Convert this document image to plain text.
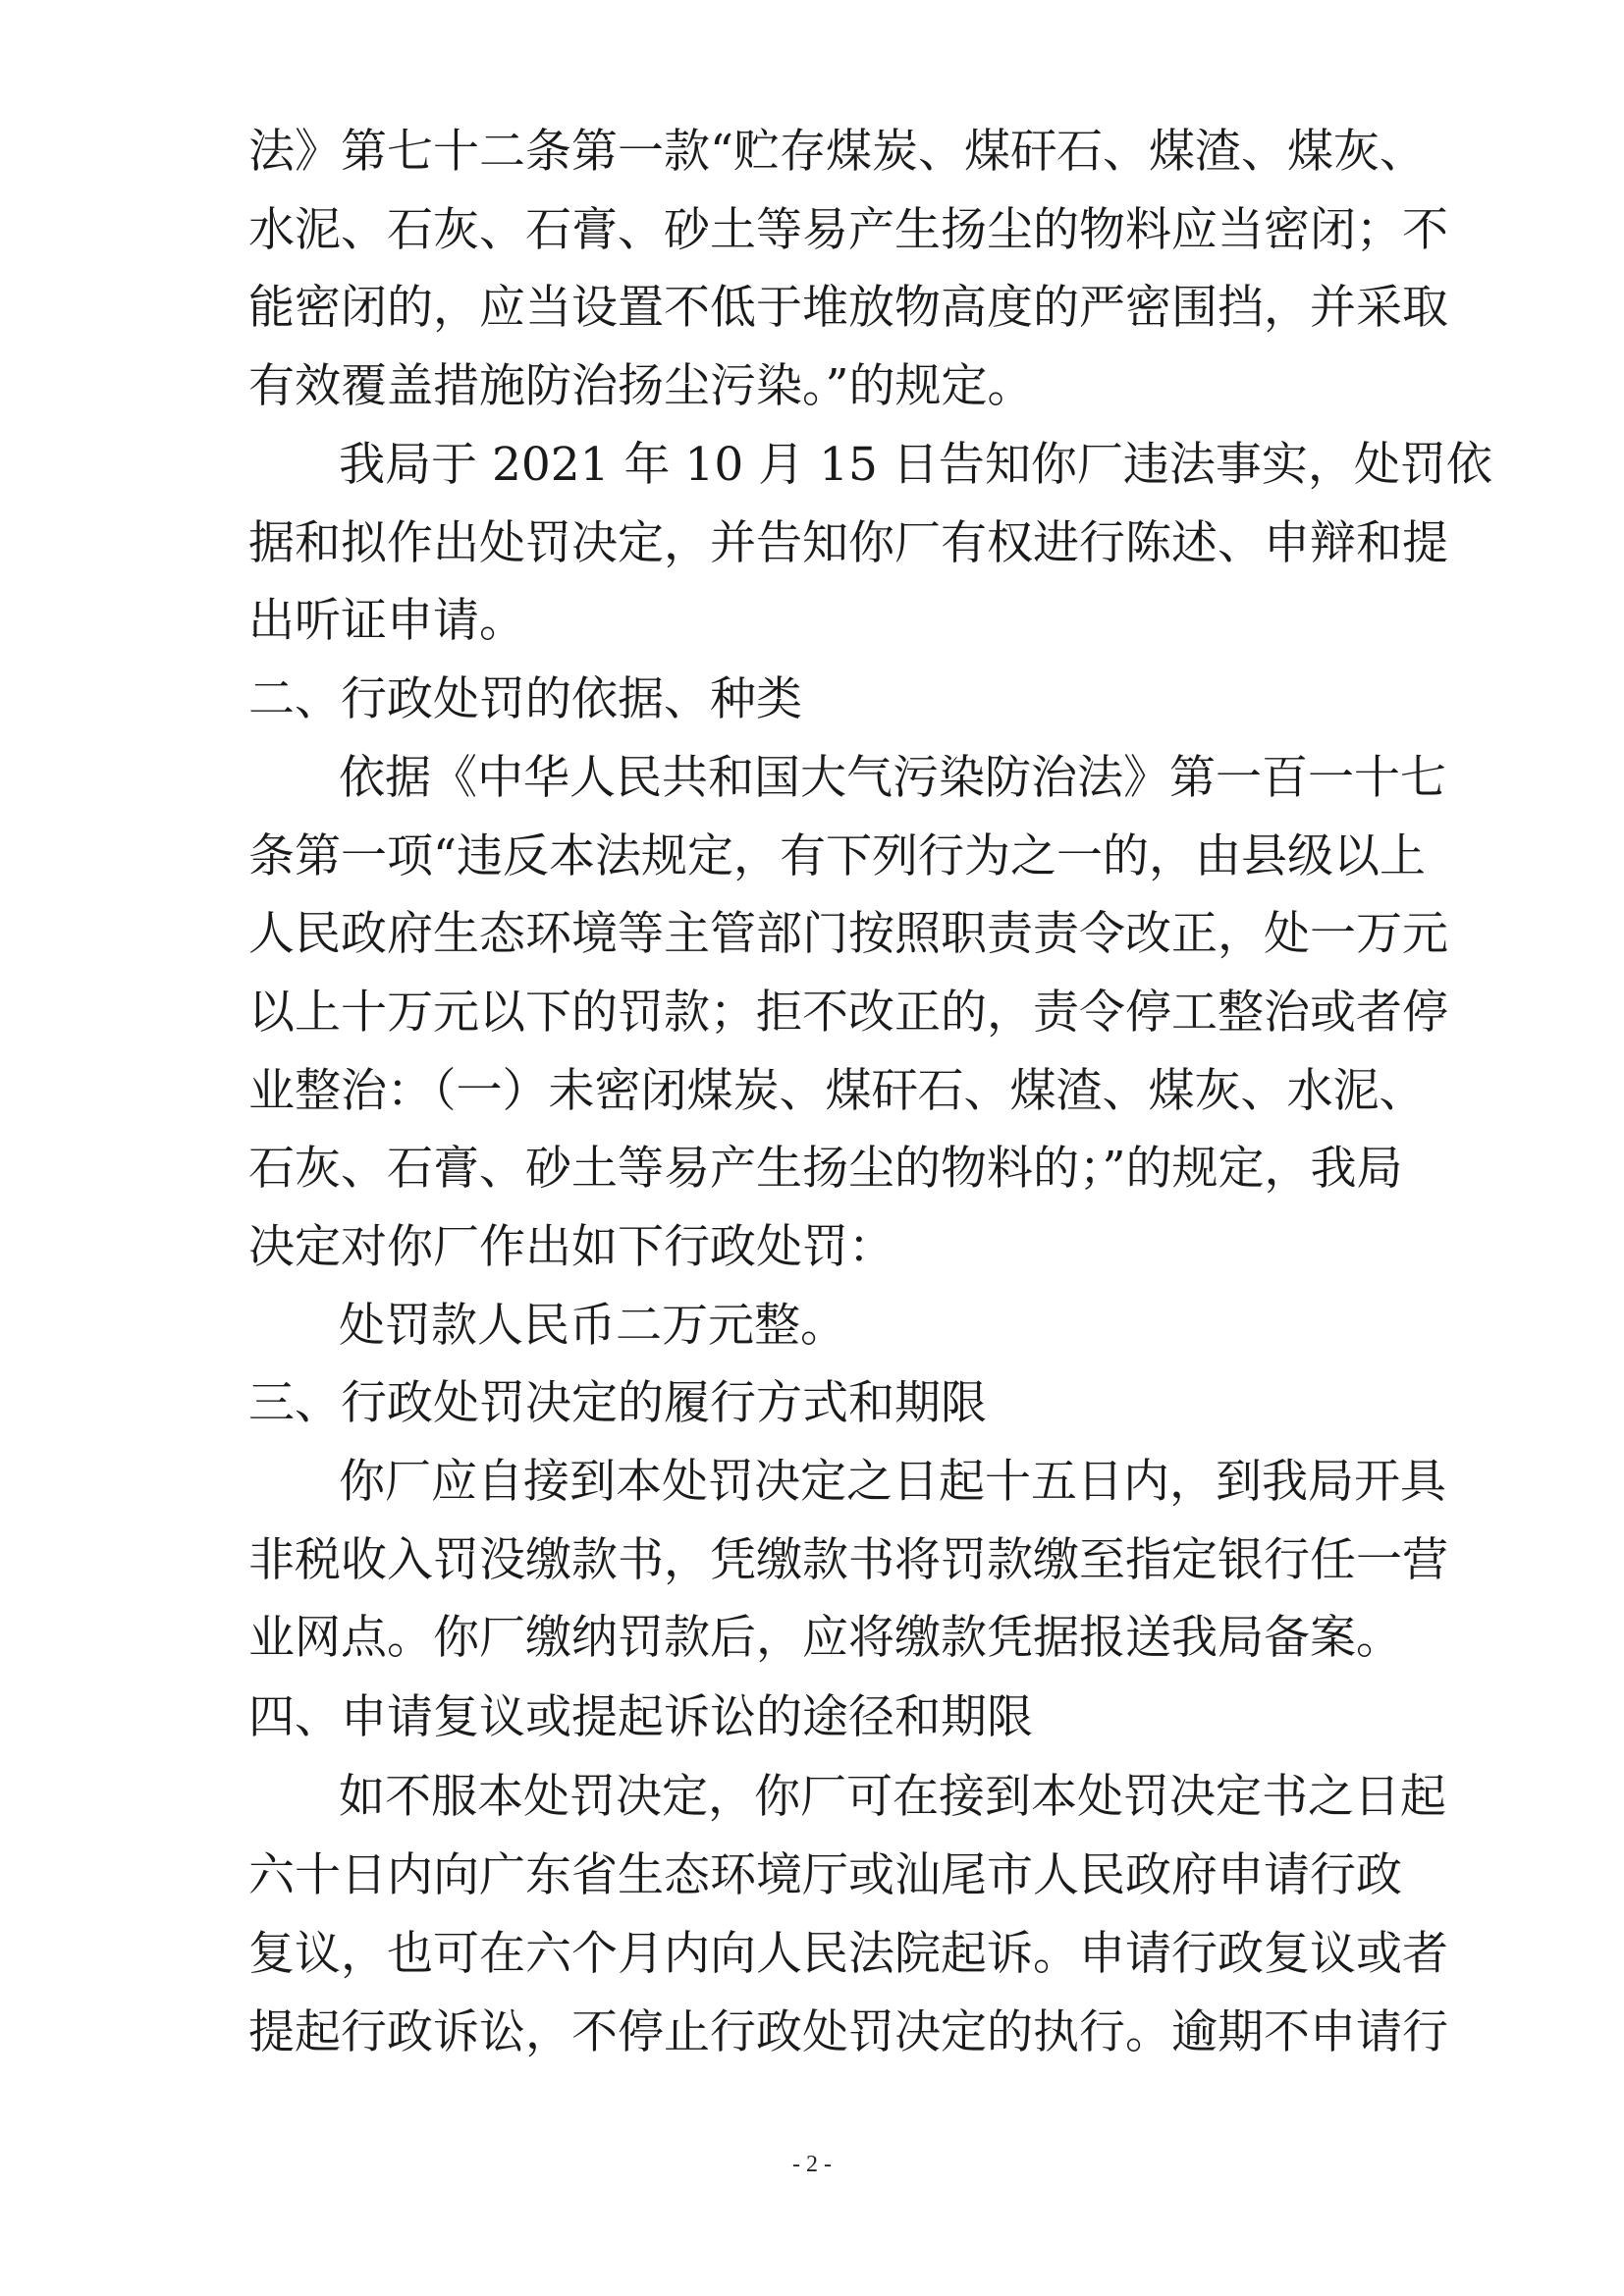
法》第七十二条第一款“贮存煤炭、煤矸石、煤渣、煤灰、
水泥、石灰、石膏、砂土等易产生扬尘的物料应当密闭；不
能密闭的，应当设置不低于堆放物高度的严密围挡，并采取
有效覆盖措施防治扬尘污染。”的规定。
我局于 2021 年 10 月 15 日告知你厂违法事实，处罚依
据和拟作出处罚决定，并告知你厂有权进行陈述、申辩和提
出听证申请。
二、行政处罚的依据、种类
依据《中华人民共和国大气污染防治法》第一百一十七
条第一项“违反本法规定，有下列行为之一的，由县级以上
人民政府生态环境等主管部门按照职责责令改正，处一万元
以上十万元以下的罚款；拒不改正的，责令停工整治或者停
业整治：（一）未密闭煤炭、煤矸石、煤渣、煤灰、水泥、
石灰、石膏、砂土等易产生扬尘的物料的；”的规定，我局
决定对你厂作出如下行政处罚：
处罚款人民币二万元整。
三、行政处罚决定的履行方式和期限
你厂应自接到本处罚决定之日起十五日内，到我局开具
非税收入罚没缴款书，凭缴款书将罚款缴至指定银行任一营
业网点。你厂缴纳罚款后，应将缴款凭据报送我局备案。
四、申请复议或提起诉讼的途径和期限
如不服本处罚决定，你厂可在接到本处罚决定书之日起
六十日内向广东省生态环境厅或汕尾市人民政府申请行政
复议，也可在六个月内向人民法院起诉。申请行政复议或者
提起行政诉讼，不停止行政处罚决定的执行。逾期不申请行
- 2 -
